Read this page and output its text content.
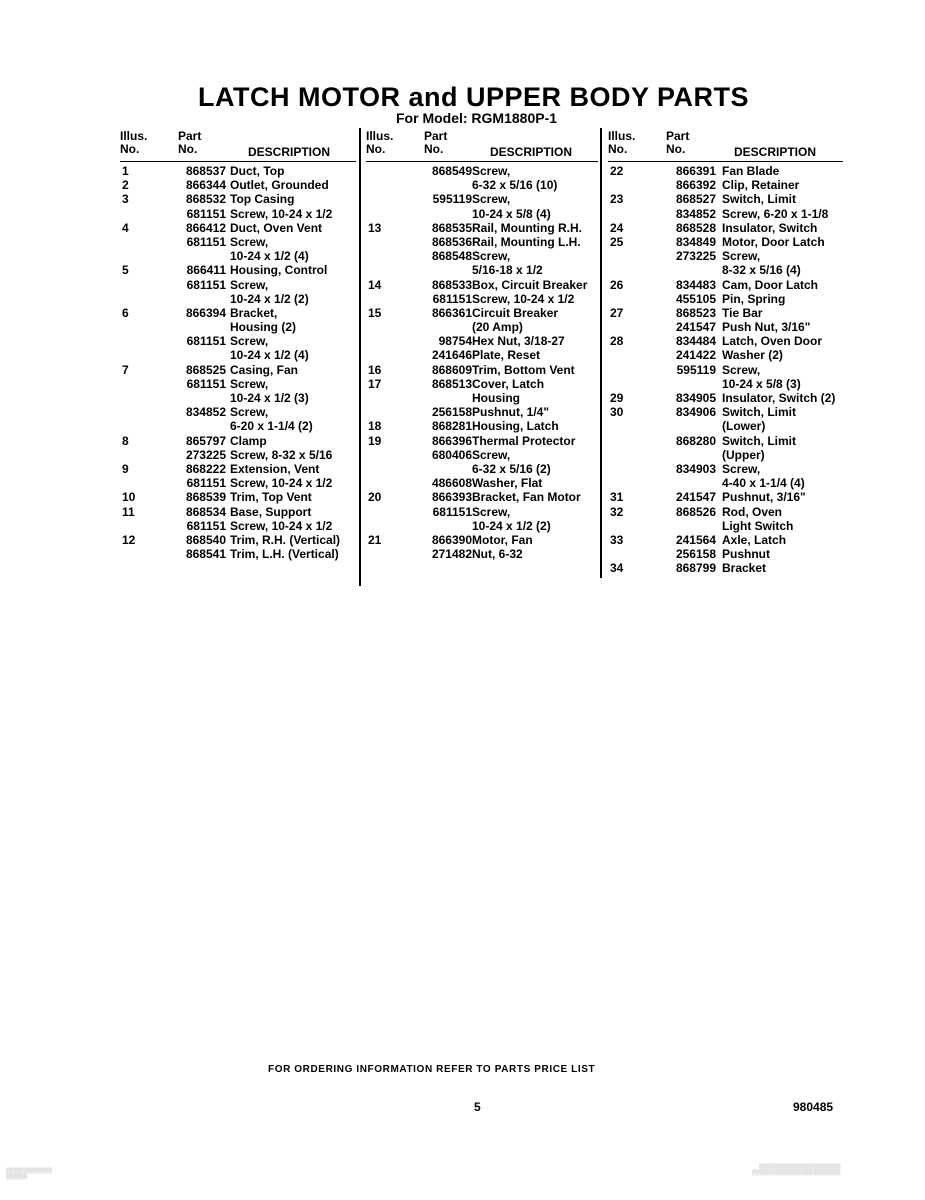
LATCH MOTOR and UPPER BODY PARTS
For Model: RGM1880P-1
Illus.
No.
Part
No.	DESCRIPTION
1	868537 Duct, Top
2	866344 Outlet, Grounded
3	868532 Top Casing
681151 Screw, 10-24 x 1/2
4	866412 Duct, Oven Vent
681151 Screw,
10-24 x 1/2 (4)
5	866411 Housing, Control
681151 Screw,
10-24 x 1/2 (2)
6	866394 Bracket,
Housing (2)
681151 Screw,
10-24 x 1/2 (4)
7	868525 Casing, Fan
681151 Screw,
10-24 x 1/2 (3)
834852 Screw,
6-20 x 1-1/4 (2)
8	865797 Clamp
273225 Screw, 8-32 x 5/16
9	868222 Extension, Vent
681151 Screw, 10-24 x 1/2
10	868539 Trim, Top Vent
11	868534 Base, Support
681151 Screw, 10-24 x 1/2
12	868540 Trim, R.H. (Vertical)
868541 Trim, L.H. (Vertical)
Illus.
No.
Part
No.	DESCRIPTION
868549 Screw,
6-32 x 5/16 (10)
595119 Screw,
10-24 x 5/8 (4)
13	868535 Rail, Mounting R.H.
868536 Rail, Mounting L.H.
868548 Screw,
5/16-18 x 1/2
14	868533 Box, Circuit Breaker
681151 Screw, 10-24 x 1/2
15	866361 Circuit Breaker
(20 Amp)
98754 Hex Nut, 3/18-27
241646 Plate, Reset
16	868609 Trim, Bottom Vent
17	868513 Cover, Latch
Housing
256158 Pushnut, 1/4"
18	868281 Housing, Latch
19	866396 Thermal Protector
680406 Screw,
6-32 x 5/16 (2)
486608 Washer, Flat
20	866393 Bracket, Fan Motor
681151 Screw,
10-24 x 1/2 (2)
21	866390 Motor, Fan
271482 Nut, 6-32
Illus.
No.
Part
No.	DESCRIPTION
22	866391 Fan Blade
866392 Clip, Retainer
23	868527 Switch, Limit
834852 Screw, 6-20 x 1-1/8
24	868528 Insulator, Switch
25	834849 Motor, Door Latch
273225 Screw,
8-32 x 5/16 (4)
26	834483 Cam, Door Latch
455105 Pin, Spring
27	868523 Tie Bar
241547 Push Nut, 3/16"
28	834484 Latch, Oven Door
241422 Washer (2)
595119 Screw,
10-24 x 5/8 (3)
29	834905 Insulator, Switch (2)
30	834906 Switch, Limit
(Lower)
868280 Switch, Limit
(Upper)
834903 Screw,
4-40 x 1-1/4 (4)
31	241547 Pushnut, 3/16"
32	868526 Rod, Oven
Light Switch
33	241564 Axle, Latch
256158 Pushnut
34	868799 Bracket
FOR ORDERING INFORMATION REFER TO PARTS PRICE LIST
5	980485
░░░░░░░░░░░░░
░░░░░░
░░░░░░░░░░░░░░░░░░░░░░░
░░░░░░░░░░░░░░░░░░░░░░░░░
